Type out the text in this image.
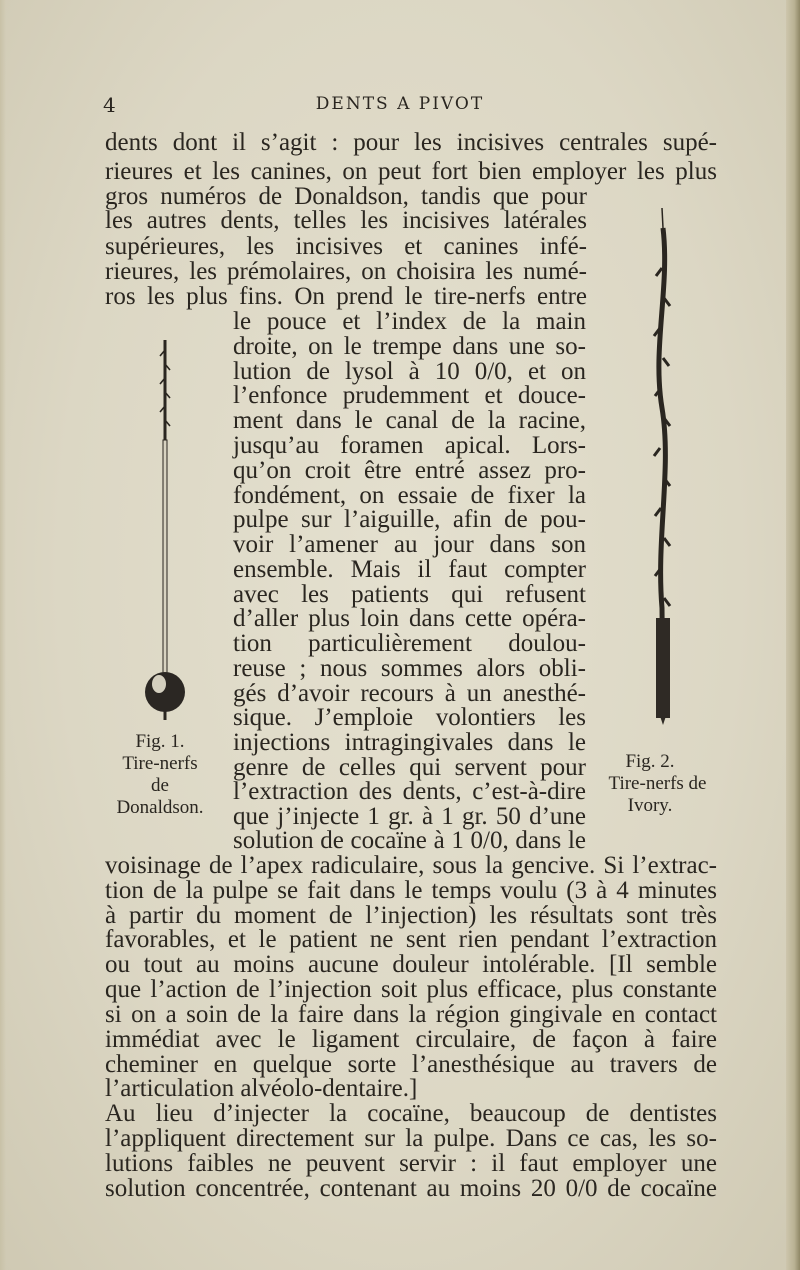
4	DENTS A PIVOT
dents dont il s’agit : pour les incisives centrales supé-
rieures et les canines, on peut fort bien employer les plus
gros numéros de Donaldson, tandis que pour
les autres dents, telles les incisives latérales
supérieures, les incisives et canines infé-
rieures, les prémolaires, on choisira les numé-
ros les plus fins. On prend le tire-nerfs entre
le pouce et l’index de la main
droite, on le trempe dans une so-
lution de lysol à 10 0/0, et on
l’enfonce prudemment et douce-
ment dans le canal de la racine,
jusqu’au foramen apical. Lors-
qu’on croit être entré assez pro-
fondément, on essaie de fixer la
pulpe sur l’aiguille, afin de pou-
voir l’amener au jour dans son
ensemble. Mais il faut compter
avec les patients qui refusent
d’aller plus loin dans cette opéra-
tion particulièrement doulou-
reuse ; nous sommes alors obli-
gés d’avoir recours à un anesthé-
sique. J’emploie volontiers les
injections intragingivales dans le
genre de celles qui servent pour
l’extraction des dents, c’est-à-dire
que j’injecte 1 gr. à 1 gr. 50 d’une
solution de cocaïne à 1 0/0, dans le
voisinage de l’apex radiculaire, sous la gencive. Si l’extrac-
tion de la pulpe se fait dans le temps voulu (3 à 4 minutes
à partir du moment de l’injection) les résultats sont très
favorables, et le patient ne sent rien pendant l’extraction
ou tout au moins aucune douleur intolérable. [Il semble
que l’action de l’injection soit plus efficace, plus constante
si on a soin de la faire dans la région gingivale en contact
immédiat avec le ligament circulaire, de façon à faire
cheminer en quelque sorte l’anesthésique au travers de
l’articulation alvéolo-dentaire.]
Au lieu d’injecter la cocaïne, beaucoup de dentistes
l’appliquent directement sur la pulpe. Dans ce cas, les so-
lutions faibles ne peuvent servir : il faut employer une
solution concentrée, contenant au moins 20 0/0 de cocaïne
Fig. 1.
Tire-nerfs
de
Donaldson.
Fig. 2.
Tire-nerfs de
Ivory.
